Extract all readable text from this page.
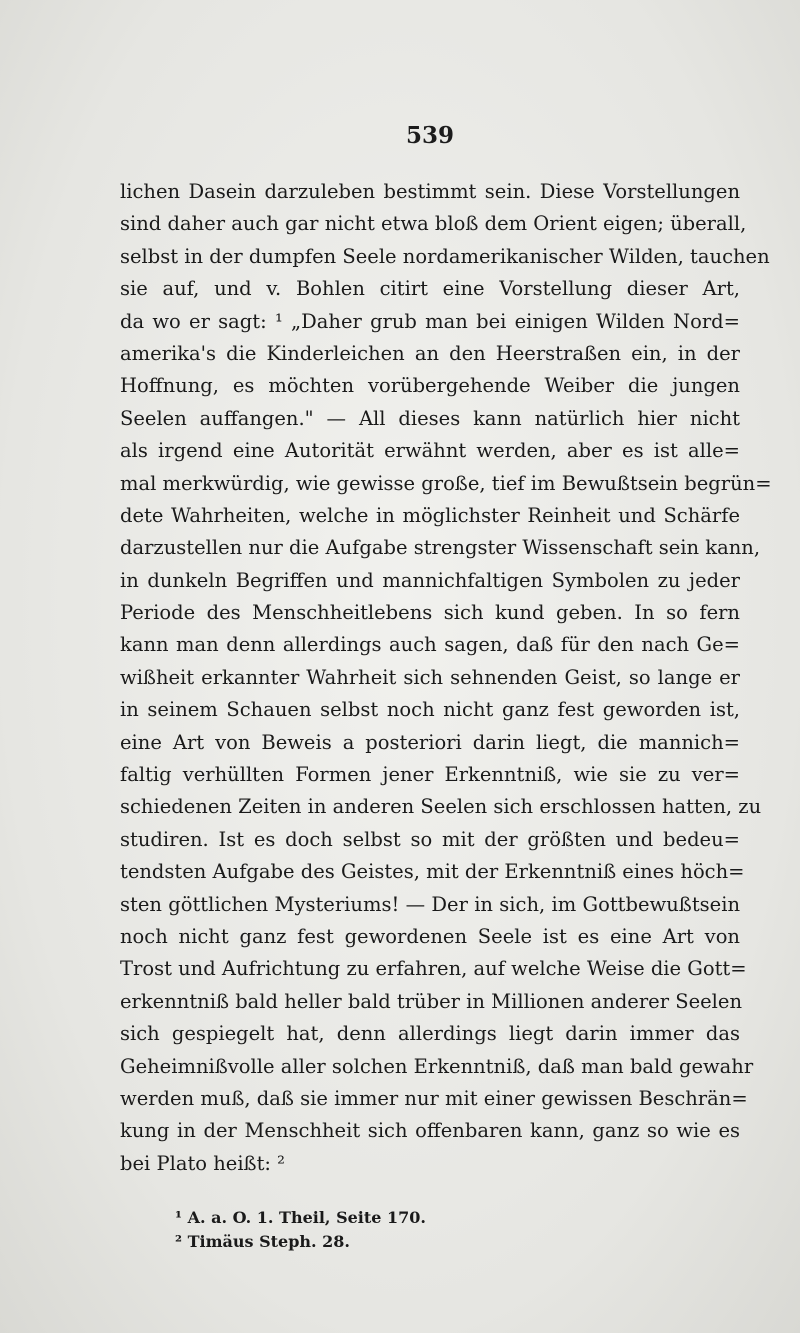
539
lichen Dasein darzuleben bestimmt sein. Diese Vorstellungen
sind daher auch gar nicht etwa bloß dem Orient eigen; überall,
selbst in der dumpfen Seele nordamerikanischer Wilden, tauchen
sie auf, und v. Bohlen citirt eine Vorstellung dieser Art,
da wo er sagt: ¹ „Daher grub man bei einigen Wilden Nord=
amerika's die Kinderleichen an den Heerstraßen ein, in der
Hoffnung, es möchten vorübergehende Weiber die jungen
Seelen auffangen." — All dieses kann natürlich hier nicht
als irgend eine Autorität erwähnt werden, aber es ist alle=
mal merkwürdig, wie gewisse große, tief im Bewußtsein begrün=
dete Wahrheiten, welche in möglichster Reinheit und Schärfe
darzustellen nur die Aufgabe strengster Wissenschaft sein kann,
in dunkeln Begriffen und mannichfaltigen Symbolen zu jeder
Periode des Menschheitlebens sich kund geben. In so fern
kann man denn allerdings auch sagen, daß für den nach Ge=
wißheit erkannter Wahrheit sich sehnenden Geist, so lange er
in seinem Schauen selbst noch nicht ganz fest geworden ist,
eine Art von Beweis a posteriori darin liegt, die mannich=
faltig verhüllten Formen jener Erkenntniß, wie sie zu ver=
schiedenen Zeiten in anderen Seelen sich erschlossen hatten, zu
studiren. Ist es doch selbst so mit der größten und bedeu=
tendsten Aufgabe des Geistes, mit der Erkenntniß eines höch=
sten göttlichen Mysteriums! — Der in sich, im Gottbewußtsein
noch nicht ganz fest gewordenen Seele ist es eine Art von
Trost und Aufrichtung zu erfahren, auf welche Weise die Gott=
erkenntniß bald heller bald trüber in Millionen anderer Seelen
sich gespiegelt hat, denn allerdings liegt darin immer das
Geheimnißvolle aller solchen Erkenntniß, daß man bald gewahr
werden muß, daß sie immer nur mit einer gewissen Beschrän=
kung in der Menschheit sich offenbaren kann, ganz so wie es
bei Plato heißt: ²
¹ A. a. O. 1. Theil, Seite 170.
² Timäus Steph. 28.
